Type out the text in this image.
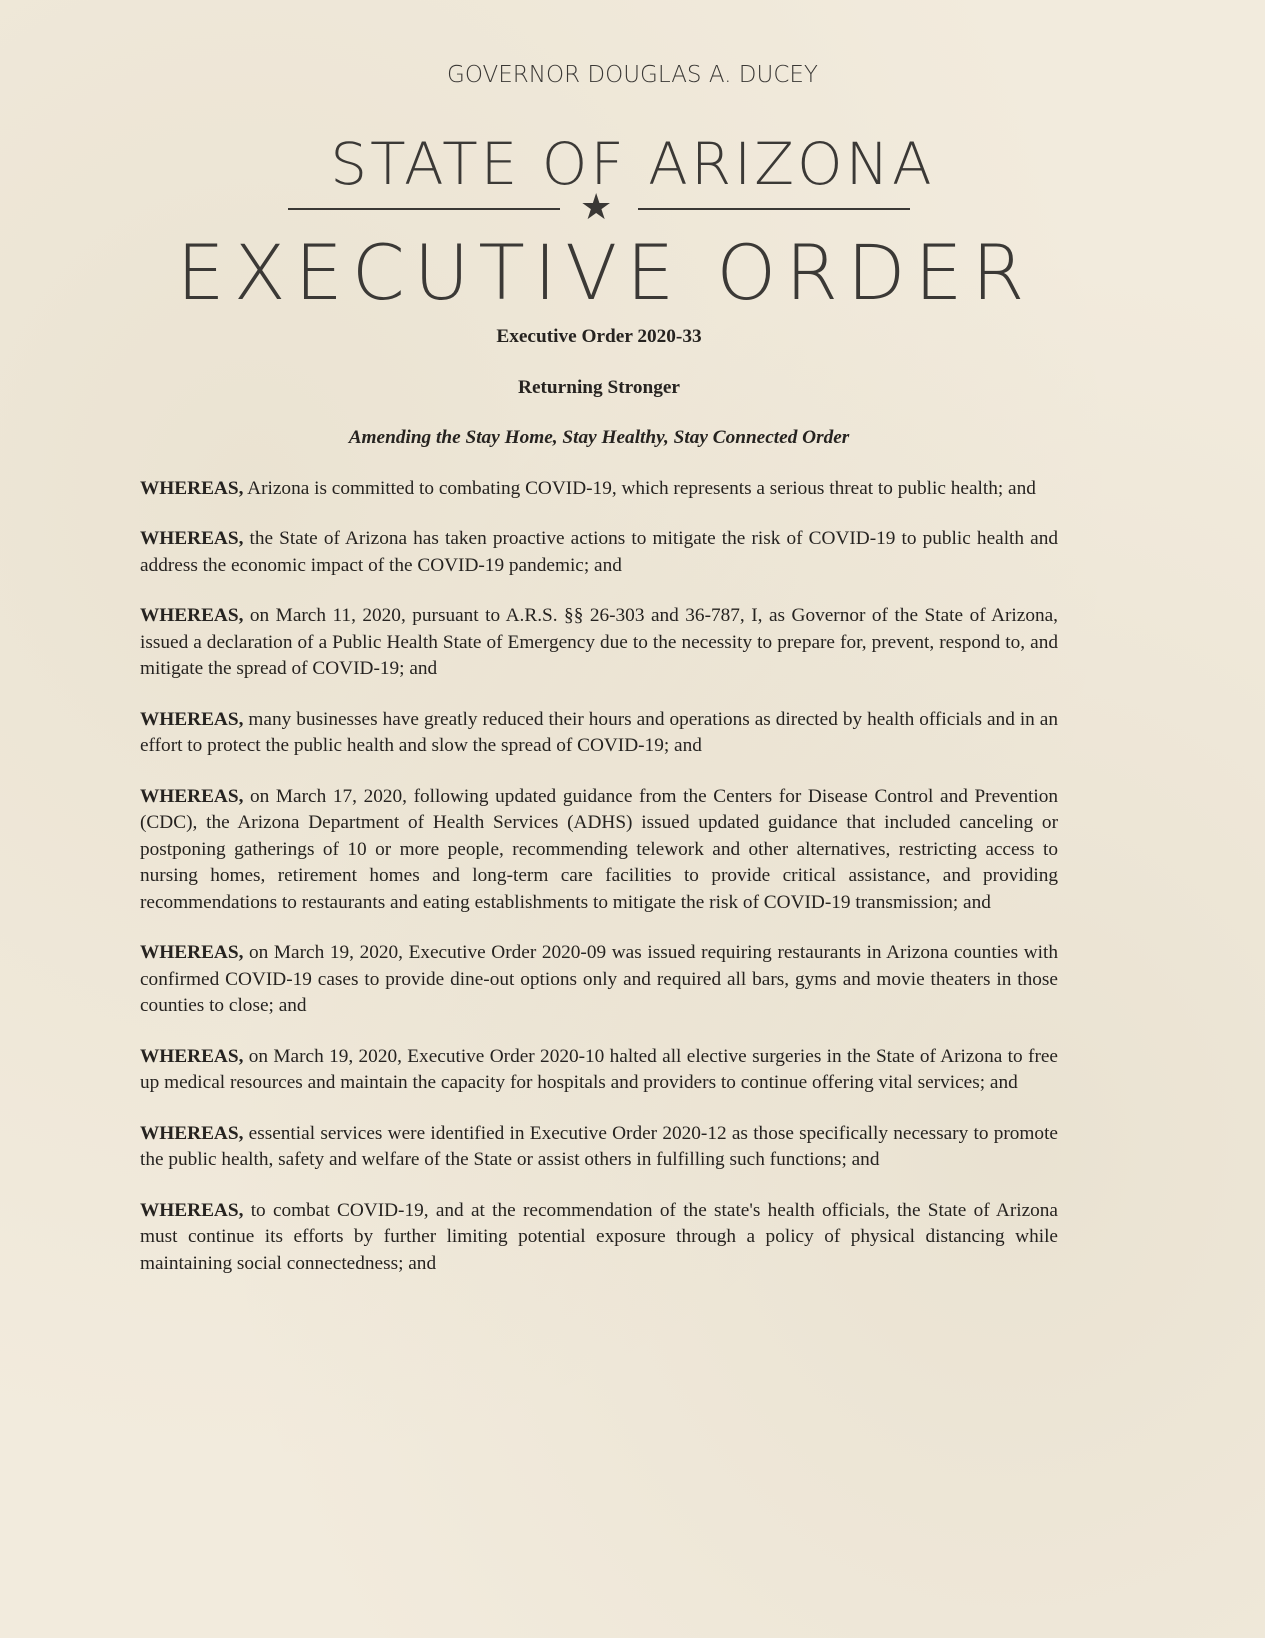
GOVERNOR DOUGLAS A. DUCEY
STATE OF ARIZONA
★
EXECUTIVE ORDER
Executive Order 2020-33
Returning Stronger
Amending the Stay Home, Stay Healthy, Stay Connected Order

WHEREAS, Arizona is committed to combating COVID-19, which represents a serious threat to public health; and

WHEREAS, the State of Arizona has taken proactive actions to mitigate the risk of COVID-19 to public health and address the economic impact of the COVID-19 pandemic; and

WHEREAS, on March 11, 2020, pursuant to A.R.S. §§ 26-303 and 36-787, I, as Governor of the State of Arizona, issued a declaration of a Public Health State of Emergency due to the necessity to prepare for, prevent, respond to, and mitigate the spread of COVID-19; and

WHEREAS, many businesses have greatly reduced their hours and operations as directed by health officials and in an effort to protect the public health and slow the spread of COVID-19; and

WHEREAS, on March 17, 2020, following updated guidance from the Centers for Disease Control and Prevention (CDC), the Arizona Department of Health Services (ADHS) issued updated guidance that included canceling or postponing gatherings of 10 or more people, recommending telework and other alternatives, restricting access to nursing homes, retirement homes and long-term care facilities to provide critical assistance, and providing recommendations to restaurants and eating establishments to mitigate the risk of COVID-19 transmission; and

WHEREAS, on March 19, 2020, Executive Order 2020-09 was issued requiring restaurants in Arizona counties with confirmed COVID-19 cases to provide dine-out options only and required all bars, gyms and movie theaters in those counties to close; and

WHEREAS, on March 19, 2020, Executive Order 2020-10 halted all elective surgeries in the State of Arizona to free up medical resources and maintain the capacity for hospitals and providers to continue offering vital services; and

WHEREAS, essential services were identified in Executive Order 2020-12 as those specifically necessary to promote the public health, safety and welfare of the State or assist others in fulfilling such functions; and

WHEREAS, to combat COVID-19, and at the recommendation of the state's health officials, the State of Arizona must continue its efforts by further limiting potential exposure through a policy of physical distancing while maintaining social connectedness; and
